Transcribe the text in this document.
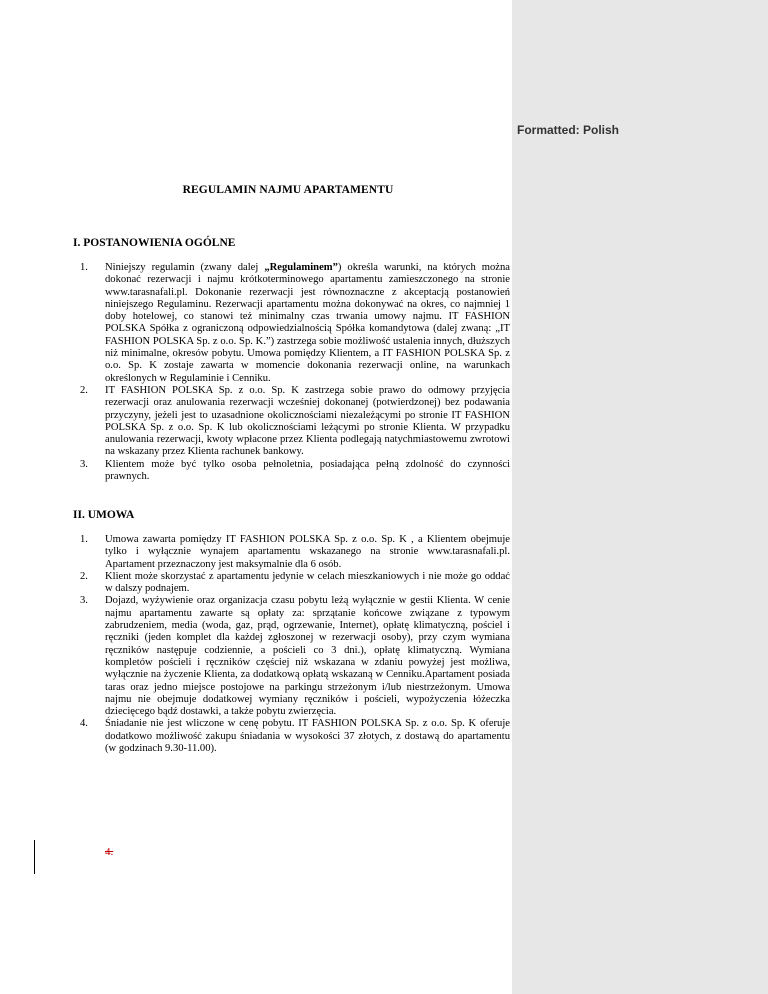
Formatted: Polish
REGULAMIN NAJMU APARTAMENTU
I. POSTANOWIENIA OGÓLNE
1. Niniejszy regulamin (zwany dalej „Regulaminem”) określa warunki, na których można dokonać rezerwacji i najmu krótkoterminowego apartamentu zamieszczonego na stronie www.tarasnafali.pl. Dokonanie rezerwacji jest równoznaczne z akceptacją postanowień niniejszego Regulaminu. Rezerwacji apartamentu można dokonywać na okres, co najmniej 1 doby hotelowej, co stanowi też minimalny czas trwania umowy najmu. IT FASHION POLSKA Spółka z ograniczoną odpowiedzialnością Spółka komandytowa (dalej zwaną: „IT FASHION POLSKA Sp. z o.o. Sp. K.”) zastrzega sobie możliwość ustalenia innych, dłuższych niż minimalne, okresów pobytu. Umowa pomiędzy Klientem, a IT FASHION POLSKA Sp. z o.o. Sp. K zostaje zawarta w momencie dokonania rezerwacji online, na warunkach określonych w Regulaminie i Cenniku.
2. IT FASHION POLSKA Sp. z o.o. Sp. K zastrzega sobie prawo do odmowy przyjęcia rezerwacji oraz anulowania rezerwacji wcześniej dokonanej (potwierdzonej) bez podawania przyczyny, jeżeli jest to uzasadnione okolicznościami niezależącymi po stronie IT FASHION POLSKA Sp. z o.o. Sp. K lub okolicznościami leżącymi po stronie Klienta. W przypadku anulowania rezerwacji, kwoty wpłacone przez Klienta podlegają natychmiastowemu zwrotowi na wskazany przez Klienta rachunek bankowy.
3. Klientem może być tylko osoba pełnoletnia, posiadająca pełną zdolność do czynności prawnych.
II. UMOWA
1. Umowa zawarta pomiędzy IT FASHION POLSKA Sp. z o.o. Sp. K , a Klientem obejmuje tylko i wyłącznie wynajem apartamentu wskazanego na stronie www.tarasnafali.pl. Apartament przeznaczony jest maksymalnie dla 6 osób.
2. Klient może skorzystać z apartamentu jedynie w celach mieszkaniowych i nie może go oddać w dalszy podnajem.
3. Dojazd, wyżywienie oraz organizacja czasu pobytu leżą wyłącznie w gestii Klienta. W cenie najmu apartamentu zawarte są opłaty za: sprzątanie końcowe związane z typowym zabrudzeniem, media (woda, gaz, prąd, ogrzewanie, Internet), opłatę klimatyczną, pościel i ręczniki (jeden komplet dla każdej zgłoszonej w rezerwacji osoby), przy czym wymiana ręczników następuje codziennie, a pościeli co 3 dni.), opłatę klimatyczną. Wymiana kompletów pościeli i ręczników częściej niż wskazana w zdaniu powyżej jest możliwa, wyłącznie na życzenie Klienta, za dodatkową opłatą wskazaną w Cenniku.Apartament posiada taras oraz jedno miejsce postojowe na parkingu strzeżonym i/lub niestrzeżonym. Umowa najmu nie obejmuje dodatkowej wymiany ręczników i pościeli, wypożyczenia łóżeczka dziecięcego bądź dostawki, a także pobytu zwierzęcia.
4. Śniadanie nie jest wliczone w cenę pobytu. IT FASHION POLSKA Sp. z o.o. Sp. K oferuje dodatkowo możliwość zakupu śniadania w wysokości 37 złotych, z dostawą do apartamentu (w godzinach 9.30-11.00).
4.
